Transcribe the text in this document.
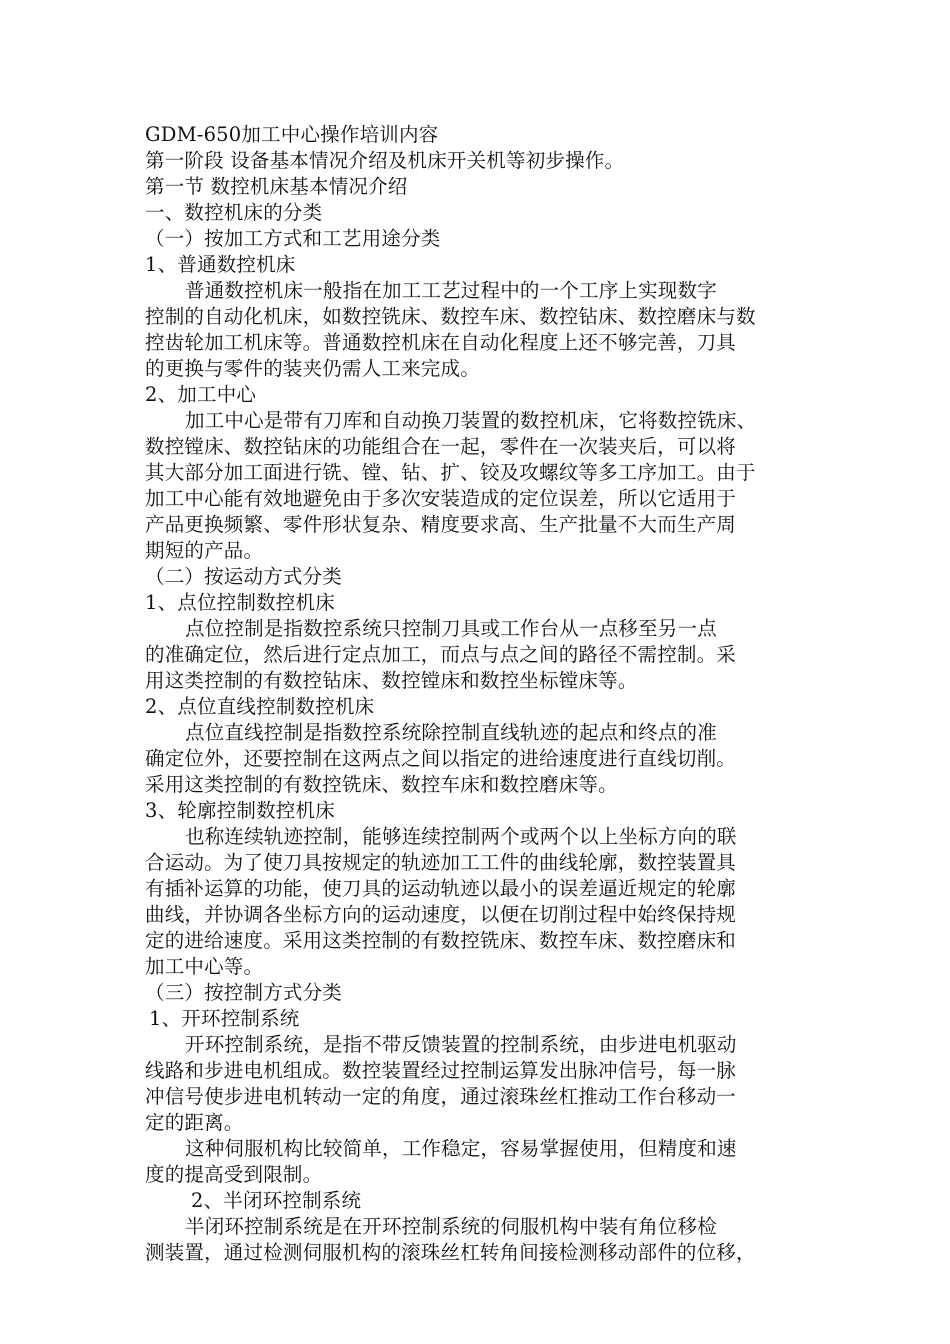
GDM-650加工中心操作培训内容
第一阶段 设备基本情况介绍及机床开关机等初步操作。
第一节 数控机床基本情况介绍
一、数控机床的分类
（一）按加工方式和工艺用途分类
1、普通数控机床
普通数控机床一般指在加工工艺过程中的一个工序上实现数字
控制的自动化机床，如数控铣床、数控车床、数控钻床、数控磨床与数
控齿轮加工机床等。普通数控机床在自动化程度上还不够完善，刀具
的更换与零件的装夹仍需人工来完成。
2、加工中心
加工中心是带有刀库和自动换刀装置的数控机床，它将数控铣床、
数控镗床、数控钻床的功能组合在一起，零件在一次装夹后，可以将
其大部分加工面进行铣、镗、钻、扩、铰及攻螺纹等多工序加工。由于
加工中心能有效地避免由于多次安装造成的定位误差，所以它适用于
产品更换频繁、零件形状复杂、精度要求高、生产批量不大而生产周
期短的产品。
（二）按运动方式分类
1、点位控制数控机床
点位控制是指数控系统只控制刀具或工作台从一点移至另一点
的准确定位，然后进行定点加工，而点与点之间的路径不需控制。采
用这类控制的有数控钻床、数控镗床和数控坐标镗床等。
2、点位直线控制数控机床
点位直线控制是指数控系统除控制直线轨迹的起点和终点的准
确定位外，还要控制在这两点之间以指定的进给速度进行直线切削。
采用这类控制的有数控铣床、数控车床和数控磨床等。
3、轮廓控制数控机床
也称连续轨迹控制，能够连续控制两个或两个以上坐标方向的联
合运动。为了使刀具按规定的轨迹加工工件的曲线轮廓，数控装置具
有插补运算的功能，使刀具的运动轨迹以最小的误差逼近规定的轮廓
曲线，并协调各坐标方向的运动速度，以便在切削过程中始终保持规
定的进给速度。采用这类控制的有数控铣床、数控车床、数控磨床和
加工中心等。
（三）按控制方式分类
1、开环控制系统
开环控制系统，是指不带反馈装置的控制系统，由步进电机驱动
线路和步进电机组成。数控装置经过控制运算发出脉冲信号，每一脉
冲信号使步进电机转动一定的角度，通过滚珠丝杠推动工作台移动一
定的距离。
这种伺服机构比较简单，工作稳定，容易掌握使用，但精度和速
度的提高受到限制。
2、半闭环控制系统
半闭环控制系统是在开环控制系统的伺服机构中装有角位移检
测装置，通过检测伺服机构的滚珠丝杠转角间接检测移动部件的位移，
